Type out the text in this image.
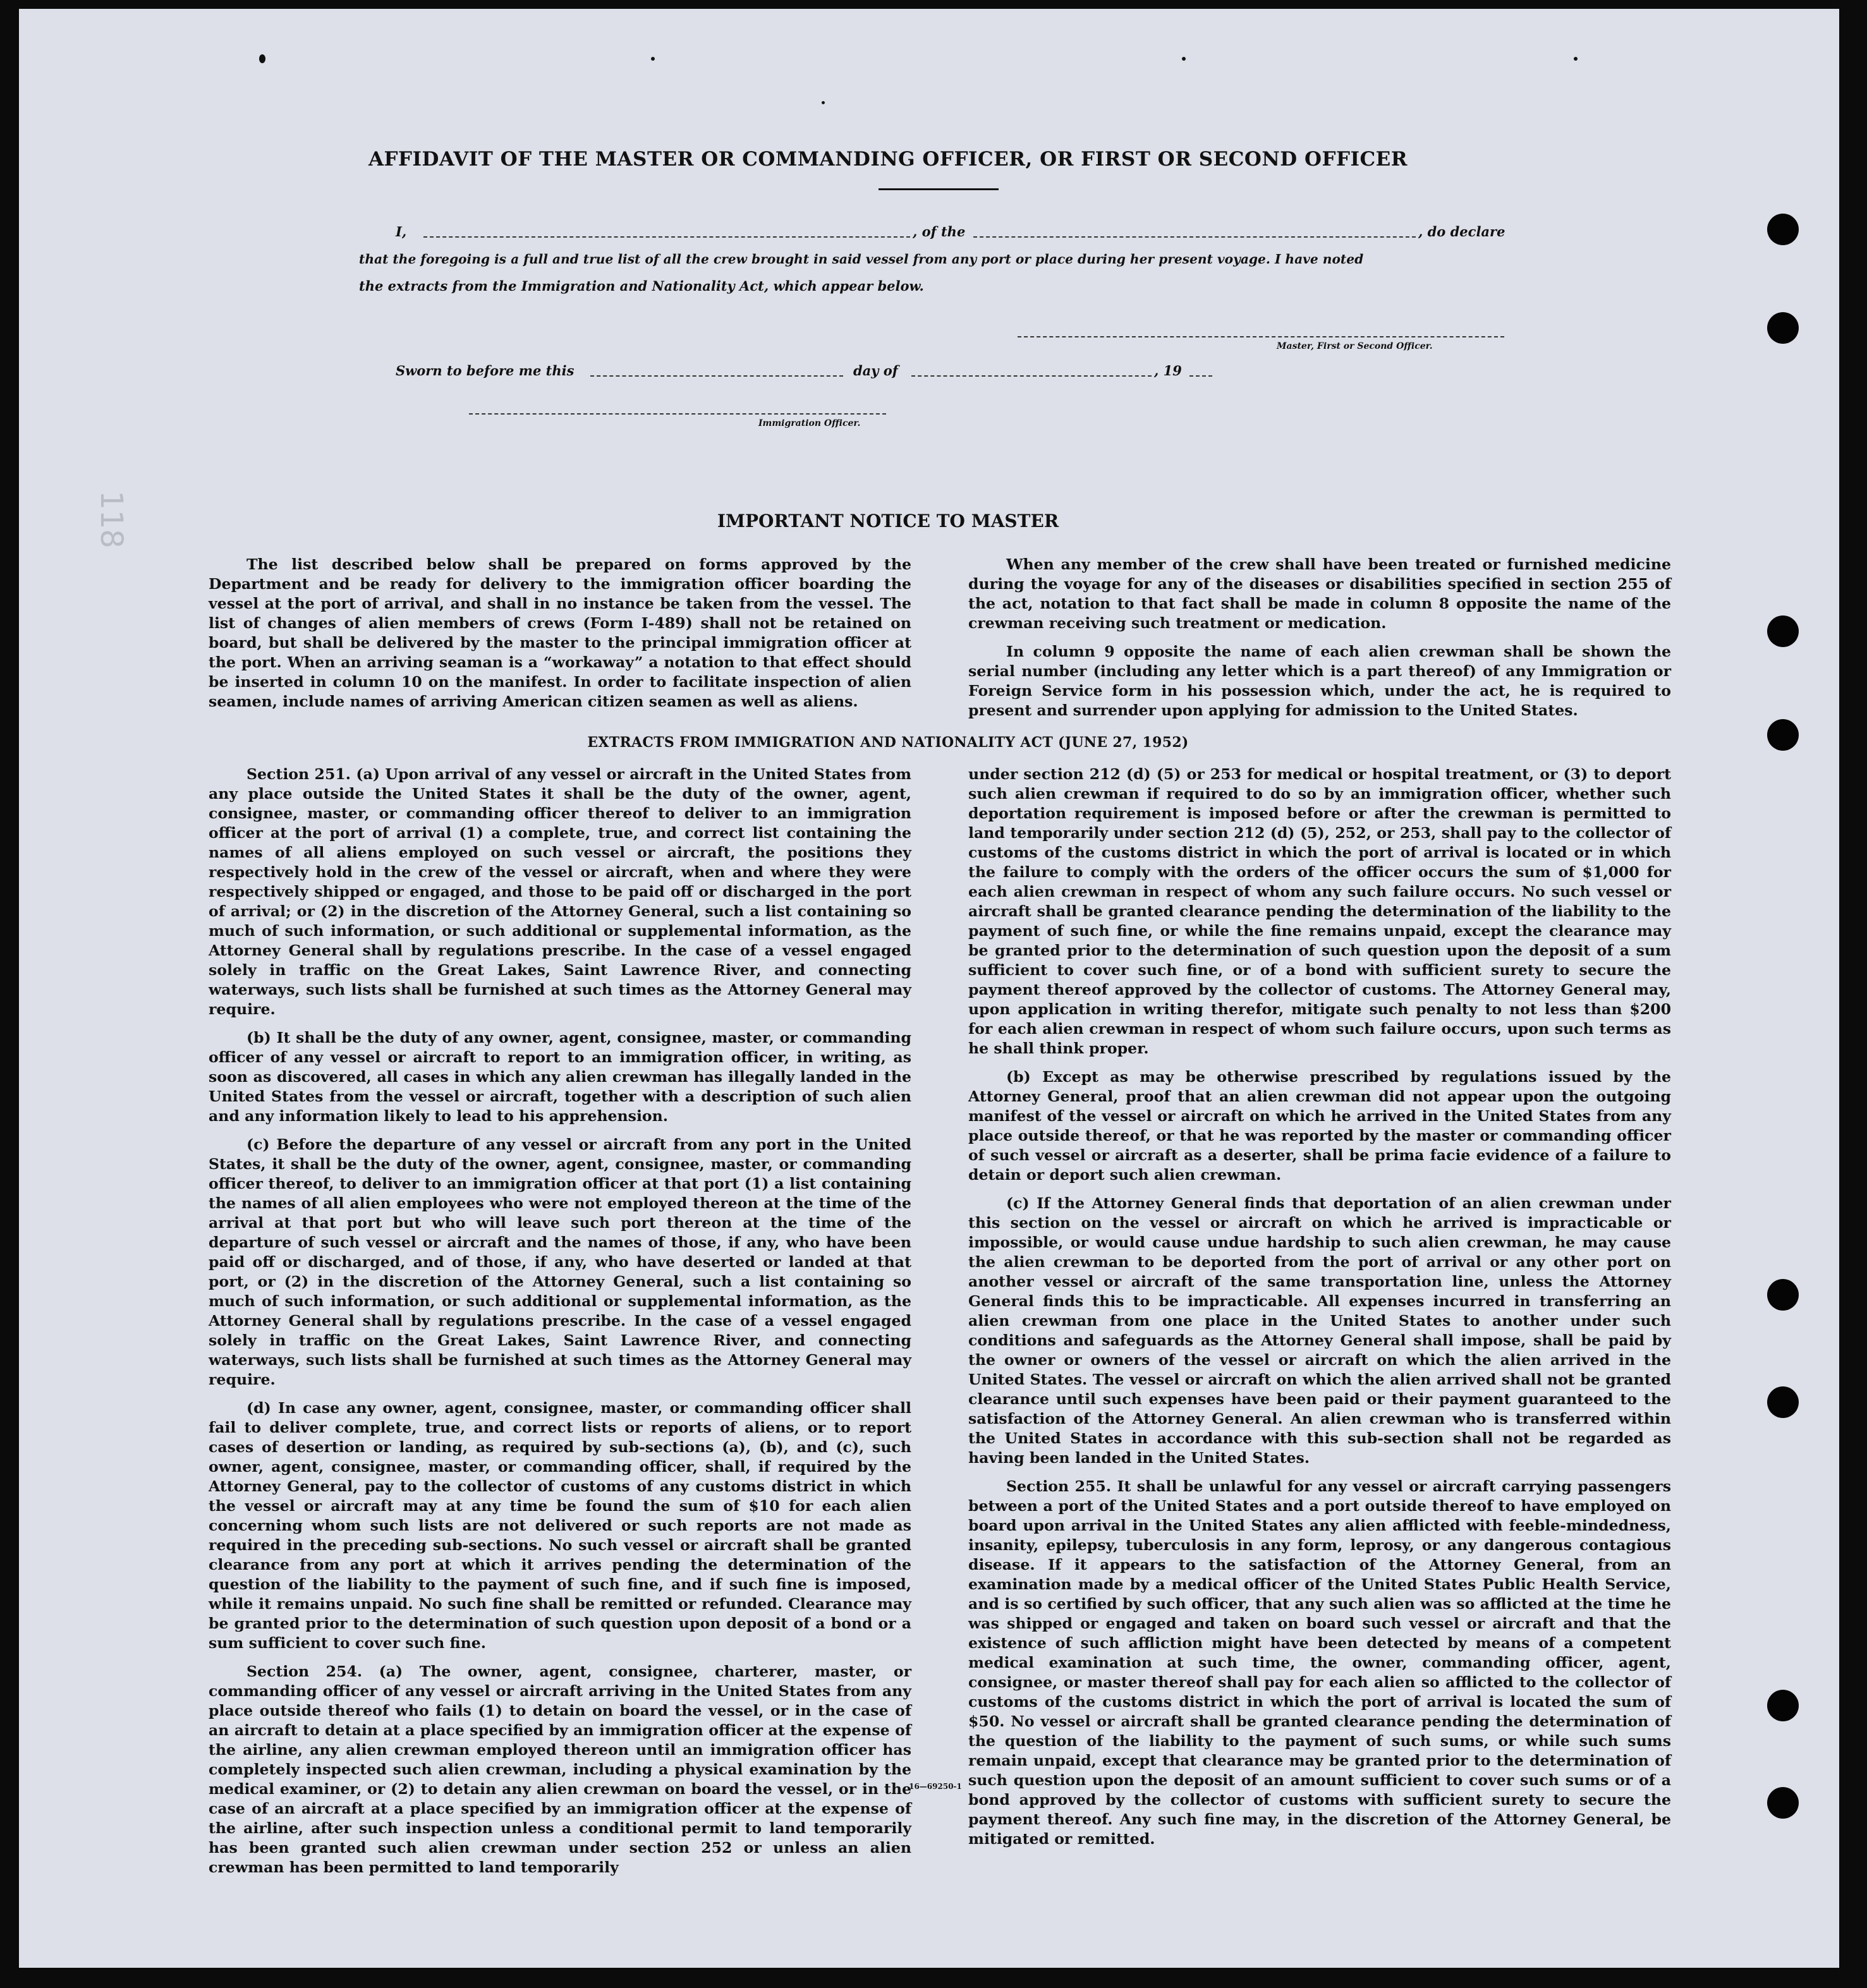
118
AFFIDAVIT OF THE MASTER OR COMMANDING OFFICER, OR FIRST OR SECOND OFFICER
I,	, of the	, do declare
that the foregoing is a full and true list of all the crew brought in said vessel from any port or place during her present voyage. I have noted
the extracts from the Immigration and Nationality Act, which appear below.
Master, First or Second Officer.
Sworn to before me this	day of	, 19
Immigration Officer.
IMPORTANT NOTICE TO MASTER

The list described below shall be prepared on forms approved by the Department and be ready for delivery to the immigration officer boarding the vessel at the port of arrival, and shall in no instance be taken from the vessel. The list of changes of alien members of crews (Form I-489) shall not be retained on board, but shall be delivered by the master to the principal immigration officer at the port. When an arriving seaman is a “workaway” a notation to that effect should be inserted in column 10 on the manifest. In order to facilitate inspection of alien seamen, include names of arriving American citizen seamen as well as aliens.

When any member of the crew shall have been treated or furnished medicine during the voyage for any of the diseases or disabilities specified in section 255 of the act, notation to that fact shall be made in column 8 opposite the name of the crewman receiving such treatment or medication.

In column 9 opposite the name of each alien crewman shall be shown the serial number (including any letter which is a part thereof) of any Immigration or Foreign Service form in his possession which, under the act, he is required to present and surrender upon applying for admission to the United States.

EXTRACTS FROM IMMIGRATION AND NATIONALITY ACT (JUNE 27, 1952)

Section 251. (a) Upon arrival of any vessel or aircraft in the United States from any place outside the United States it shall be the duty of the owner, agent, consignee, master, or commanding officer thereof to deliver to an immigration officer at the port of arrival (1) a complete, true, and correct list containing the names of all aliens employed on such vessel or aircraft, the positions they respectively hold in the crew of the vessel or aircraft, when and where they were respectively shipped or engaged, and those to be paid off or discharged in the port of arrival; or (2) in the discretion of the Attorney General, such a list containing so much of such information, or such additional or supplemental information, as the Attorney General shall by regulations prescribe. In the case of a vessel engaged solely in traffic on the Great Lakes, Saint Lawrence River, and connecting waterways, such lists shall be furnished at such times as the Attorney General may require.

(b) It shall be the duty of any owner, agent, consignee, master, or commanding officer of any vessel or aircraft to report to an immigration officer, in writing, as soon as discovered, all cases in which any alien crewman has illegally landed in the United States from the vessel or aircraft, together with a description of such alien and any information likely to lead to his apprehension.

(c) Before the departure of any vessel or aircraft from any port in the United States, it shall be the duty of the owner, agent, consignee, master, or commanding officer thereof, to deliver to an immigration officer at that port (1) a list containing the names of all alien employees who were not employed thereon at the time of the arrival at that port but who will leave such port thereon at the time of the departure of such vessel or aircraft and the names of those, if any, who have been paid off or discharged, and of those, if any, who have deserted or landed at that port, or (2) in the discretion of the Attorney General, such a list containing so much of such information, or such additional or supplemental information, as the Attorney General shall by regulations prescribe. In the case of a vessel engaged solely in traffic on the Great Lakes, Saint Lawrence River, and connecting waterways, such lists shall be furnished at such times as the Attorney General may require.

(d) In case any owner, agent, consignee, master, or commanding officer shall fail to deliver complete, true, and correct lists or reports of aliens, or to report cases of desertion or landing, as required by sub-sections (a), (b), and (c), such owner, agent, consignee, master, or commanding officer, shall, if required by the Attorney General, pay to the collector of customs of any customs district in which the vessel or aircraft may at any time be found the sum of $10 for each alien concerning whom such lists are not delivered or such reports are not made as required in the preceding sub-sections. No such vessel or aircraft shall be granted clearance from any port at which it arrives pending the determination of the question of the liability to the payment of such fine, and if such fine is imposed, while it remains unpaid. No such fine shall be remitted or refunded. Clearance may be granted prior to the determination of such question upon deposit of a bond or a sum sufficient to cover such fine.

Section 254. (a) The owner, agent, consignee, charterer, master, or commanding officer of any vessel or aircraft arriving in the United States from any place outside thereof who fails (1) to detain on board the vessel, or in the case of an aircraft to detain at a place specified by an immigration officer at the expense of the airline, any alien crewman employed thereon until an immigration officer has completely inspected such alien crewman, including a physical examination by the medical examiner, or (2) to detain any alien crewman on board the vessel, or in the case of an aircraft at a place specified by an immigration officer at the expense of the airline, after such inspection unless a conditional permit to land temporarily has been granted such alien crewman under section 252 or unless an alien crewman has been permitted to land temporarily

under section 212 (d) (5) or 253 for medical or hospital treatment, or (3) to deport such alien crewman if required to do so by an immigration officer, whether such deportation requirement is imposed before or after the crewman is permitted to land temporarily under section 212 (d) (5), 252, or 253, shall pay to the collector of customs of the customs district in which the port of arrival is located or in which the failure to comply with the orders of the officer occurs the sum of $1,000 for each alien crewman in respect of whom any such failure occurs. No such vessel or aircraft shall be granted clearance pending the determination of the liability to the payment of such fine, or while the fine remains unpaid, except the clearance may be granted prior to the determination of such question upon the deposit of a sum sufficient to cover such fine, or of a bond with sufficient surety to secure the payment thereof approved by the collector of customs. The Attorney General may, upon application in writing therefor, mitigate such penalty to not less than $200 for each alien crewman in respect of whom such failure occurs, upon such terms as he shall think proper.

(b) Except as may be otherwise prescribed by regulations issued by the Attorney General, proof that an alien crewman did not appear upon the outgoing manifest of the vessel or aircraft on which he arrived in the United States from any place outside thereof, or that he was reported by the master or commanding officer of such vessel or aircraft as a deserter, shall be prima facie evidence of a failure to detain or deport such alien crewman.

(c) If the Attorney General finds that deportation of an alien crewman under this section on the vessel or aircraft on which he arrived is impracticable or impossible, or would cause undue hardship to such alien crewman, he may cause the alien crewman to be deported from the port of arrival or any other port on another vessel or aircraft of the same transportation line, unless the Attorney General finds this to be impracticable. All expenses incurred in transferring an alien crewman from one place in the United States to another under such conditions and safeguards as the Attorney General shall impose, shall be paid by the owner or owners of the vessel or aircraft on which the alien arrived in the United States. The vessel or aircraft on which the alien arrived shall not be granted clearance until such expenses have been paid or their payment guaranteed to the satisfaction of the Attorney General. An alien crewman who is transferred within the United States in accordance with this sub-section shall not be regarded as having been landed in the United States.

Section 255. It shall be unlawful for any vessel or aircraft carrying passengers between a port of the United States and a port outside thereof to have employed on board upon arrival in the United States any alien afflicted with feeble-mindedness, insanity, epilepsy, tuberculosis in any form, leprosy, or any dangerous contagious disease. If it appears to the satisfaction of the Attorney General, from an examination made by a medical officer of the United States Public Health Service, and is so certified by such officer, that any such alien was so afflicted at the time he was shipped or engaged and taken on board such vessel or aircraft and that the existence of such affliction might have been detected by means of a competent medical examination at such time, the owner, commanding officer, agent, consignee, or master thereof shall pay for each alien so afflicted to the collector of customs of the customs district in which the port of arrival is located the sum of $50. No vessel or aircraft shall be granted clearance pending the determination of the question of the liability to the payment of such sums, or while such sums remain unpaid, except that clearance may be granted prior to the determination of such question upon the deposit of an amount sufficient to cover such sums or of a bond approved by the collector of customs with sufficient surety to secure the payment thereof. Any such fine may, in the discretion of the Attorney General, be mitigated or remitted.

16—69250-1
